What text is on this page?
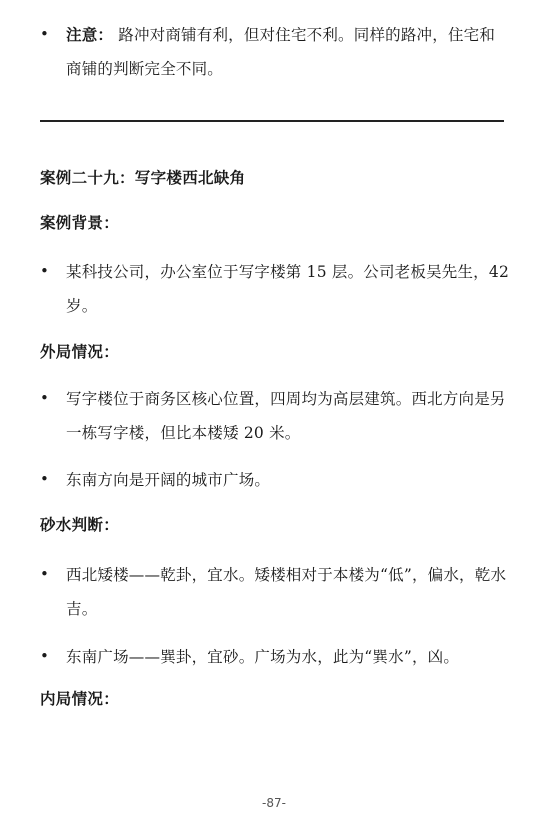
• 注意： 路冲对商铺有利，但对住宅不利。同样的路冲，住宅和商铺的判断完全不同。
案例二十九：写字楼西北缺角
案例背景：
• 某科技公司，办公室位于写字楼第 15 层。公司老板吴先生，42 岁。
外局情况：
• 写字楼位于商务区核心位置，四周均为高层建筑。西北方向是另一栋写字楼，但比本楼矮 20 米。
• 东南方向是开阔的城市广场。
砂水判断：
• 西北矮楼——乾卦，宜水。矮楼相对于本楼为“低”，偏水，乾水吉。
• 东南广场——巽卦，宜砂。广场为水，此为“巽水”，凶。
内局情况：
-87-
